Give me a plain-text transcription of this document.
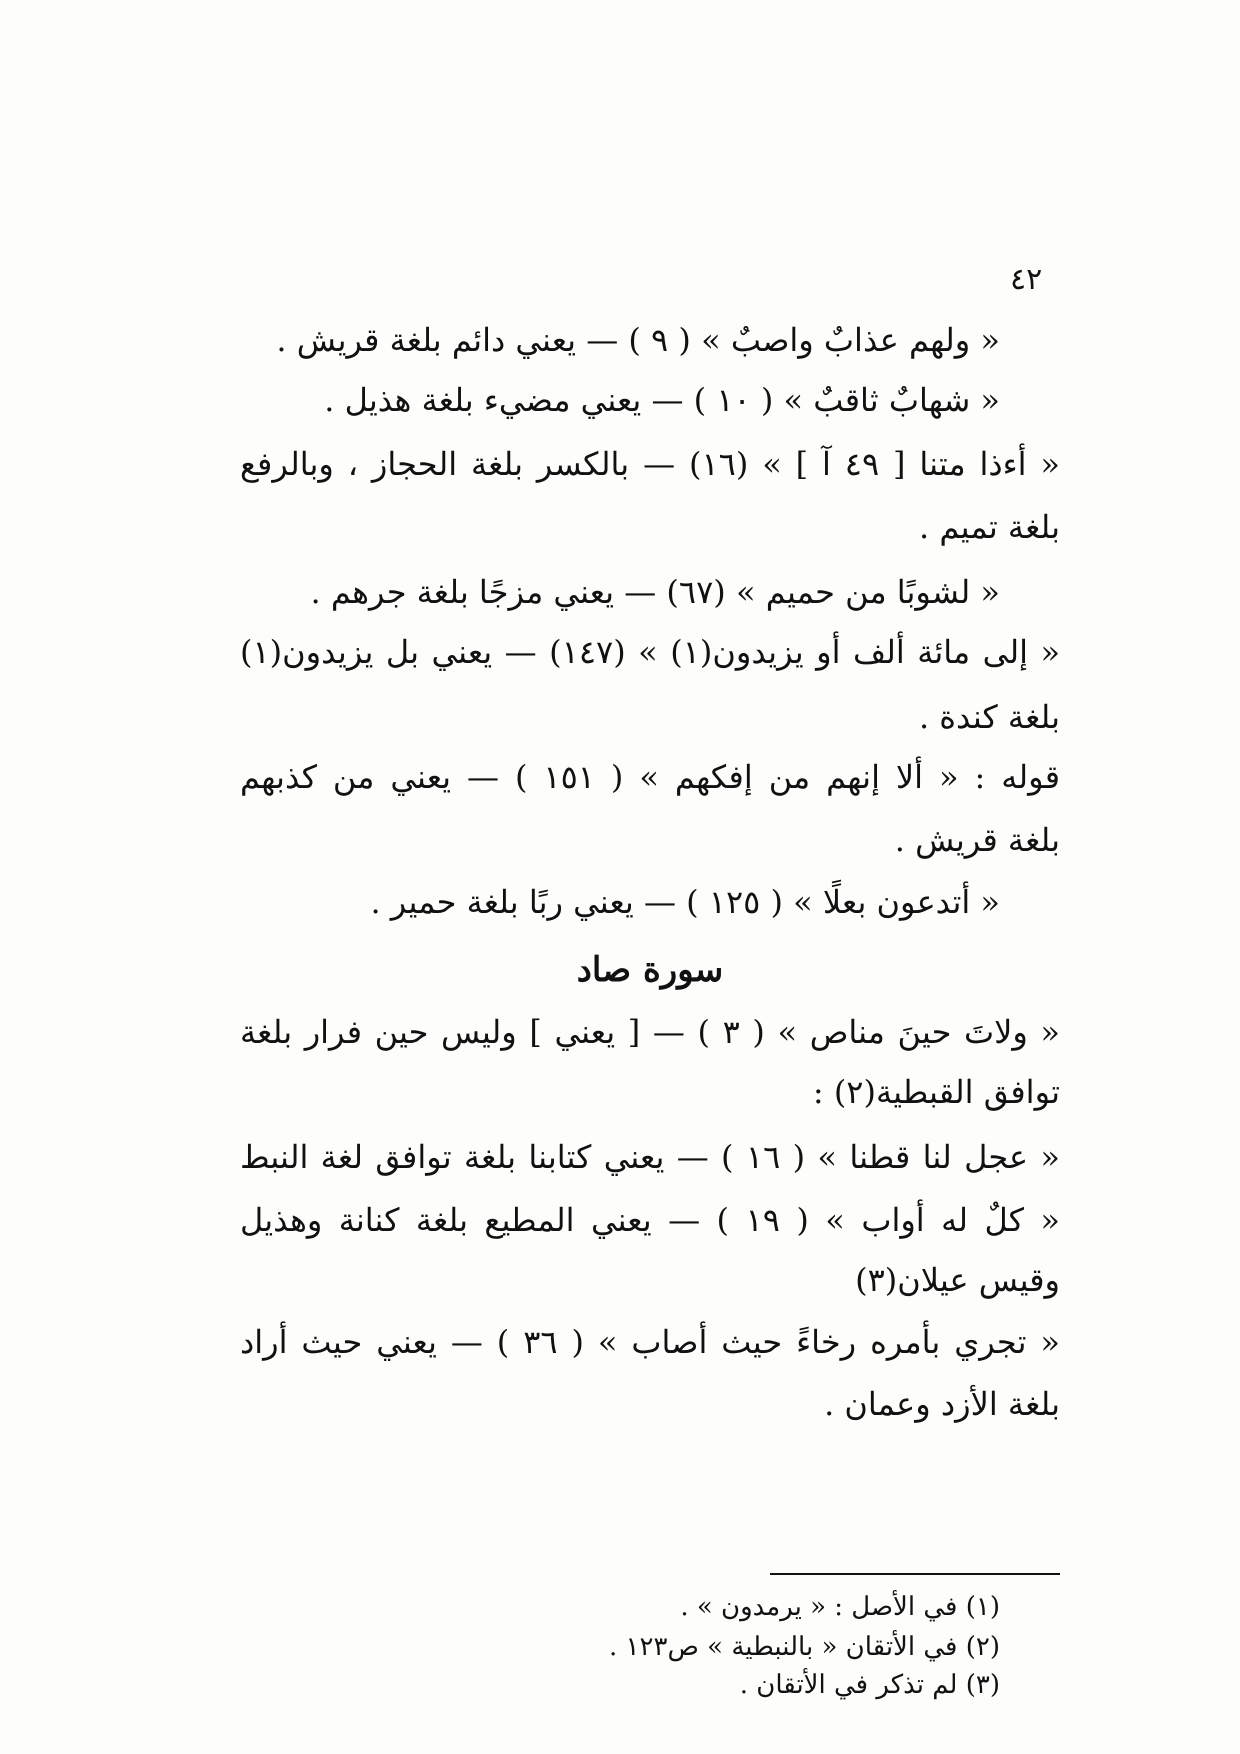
٤٢
« ولهم عذابٌ واصبٌ » ( ٩ ) — يعني دائم بلغة قريش .
« شهابٌ ثاقبٌ » ( ١٠ ) — يعني مضيء بلغة هذيل .
« أءذا متنا [ ٤٩ آ ] » (١٦) — بالكسر بلغة الحجاز ، وبالرفع
بلغة تميم .
« لشوبًا من حميم » (٦٧) — يعني مزجًا بلغة جرهم .
« إلى مائة ألف أو يزيدون(١) » (١٤٧) — يعني بل يزيدون(١)
بلغة كندة .
قوله : « ألا إنهم من إفكهم » ( ١٥١ ) — يعني من كذبهم
بلغة قريش .
« أتدعون بعلًا » ( ١٢٥ ) — يعني ربًا بلغة حمير .
سورة صاد
« ولاتَ حينَ مناص » ( ٣ ) — [ يعني ] وليس حين فرار بلغة
توافق القبطية(٢) :
« عجل لنا قطنا » ( ١٦ ) — يعني كتابنا بلغة توافق لغة النبط
« كلٌ له أواب » ( ١٩ ) — يعني المطيع بلغة كنانة وهذيل
وقيس عيلان(٣)
« تجري بأمره رخاءً حيث أصاب » ( ٣٦ ) — يعني حيث أراد
بلغة الأزد وعمان .
(١) في الأصل : « يرمدون » .
(٢) في الأتقان « بالنبطية » ص١٢٣ .
(٣) لم تذكر في الأتقان .
